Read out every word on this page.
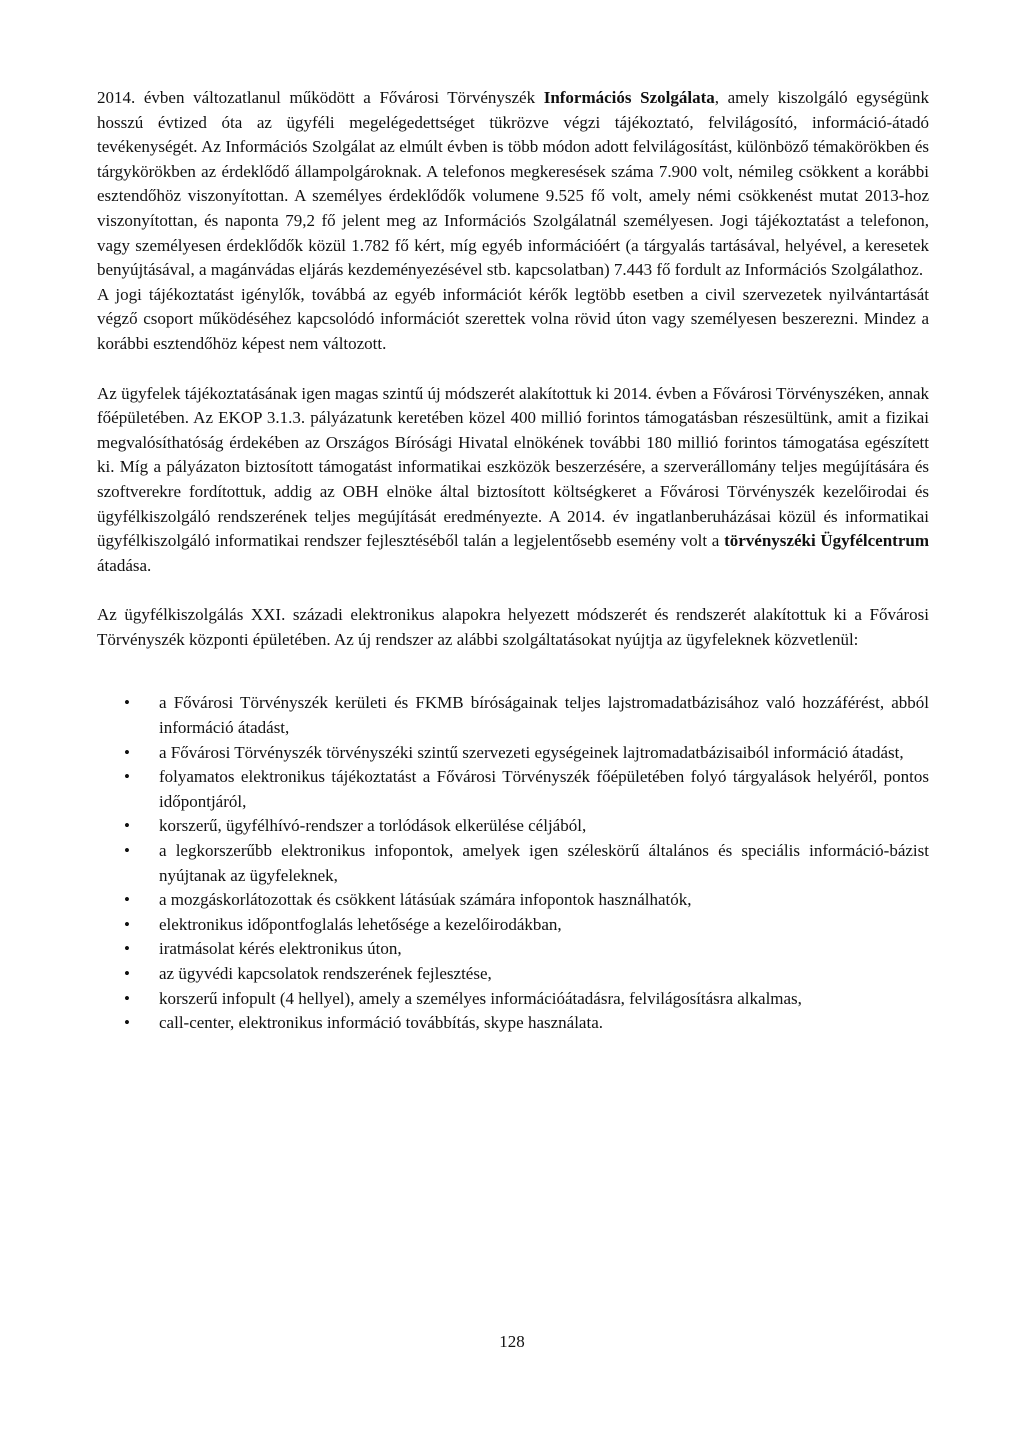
2014. évben változatlanul működött a Fővárosi Törvényszék Információs Szolgálata, amely kiszolgáló egységünk hosszú évtized óta az ügyféli megelégedettséget tükrözve végzi tájékoztató, felvilágosító, információ-átadó tevékenységét. Az Információs Szolgálat az elmúlt évben is több módon adott felvilágosítást, különböző témakörökben és tárgykörökben az érdeklődő állampolgároknak. A telefonos megkeresések száma 7.900 volt, némileg csökkent a korábbi esztendőhöz viszonyítottan. A személyes érdeklődők volumene 9.525 fő volt, amely némi csökkenést mutat 2013-hoz viszonyítottan, és naponta 79,2 fő jelent meg az Információs Szolgálatnál személyesen. Jogi tájékoztatást a telefonon, vagy személyesen érdeklődők közül 1.782 fő kért, míg egyéb információért (a tárgyalás tartásával, helyével, a keresetek benyújtásával, a magánvádas eljárás kezdeményezésével stb. kapcsolatban) 7.443 fő fordult az Információs Szolgálathoz.

A jogi tájékoztatást igénylők, továbbá az egyéb információt kérők legtöbb esetben a civil szervezetek nyilvántartását végző csoport működéséhez kapcsolódó információt szerettek volna rövid úton vagy személyesen beszerezni. Mindez a korábbi esztendőhöz képest nem változott.

Az ügyfelek tájékoztatásának igen magas szintű új módszerét alakítottuk ki 2014. évben a Fővárosi Törvényszéken, annak főépületében. Az EKOP 3.1.3. pályázatunk keretében közel 400 millió forintos támogatásban részesültünk, amit a fizikai megvalósíthatóság érdekében az Országos Bírósági Hivatal elnökének további 180 millió forintos támogatása egészített ki. Míg a pályázaton biztosított támogatást informatikai eszközök beszerzésére, a szerverállomány teljes megújítására és szoftverekre fordítottuk, addig az OBH elnöke által biztosított költségkeret a Fővárosi Törvényszék kezelőirodai és ügyfélkiszolgáló rendszerének teljes megújítását eredményezte. A 2014. év ingatlanberuházásai közül és informatikai ügyfélkiszolgáló informatikai rendszer fejlesztéséből talán a legjelentősebb esemény volt a törvényszéki Ügyfélcentrum átadása.

Az ügyfélkiszolgálás XXI. századi elektronikus alapokra helyezett módszerét és rendszerét alakítottuk ki a Fővárosi Törvényszék központi épületében. Az új rendszer az alábbi szolgáltatásokat nyújtja az ügyfeleknek közvetlenül:

• a Fővárosi Törvényszék kerületi és FKMB bíróságainak teljes lajstromadatbázisához való hozzáférést, abból információ átadást,
• a Fővárosi Törvényszék törvényszéki szintű szervezeti egységeinek lajtromadatbázisaiból információ átadást,
• folyamatos elektronikus tájékoztatást a Fővárosi Törvényszék főépületében folyó tárgyalások helyéről, pontos időpontjáról,
• korszerű, ügyfélhívó-rendszer a torlódások elkerülése céljából,
• a legkorszerűbb elektronikus infopontok, amelyek igen széleskörű általános és speciális információ-bázist nyújtanak az ügyfeleknek,
• a mozgáskorlátozottak és csökkent látásúak számára infopontok használhatók,
• elektronikus időpontfoglalás lehetősége a kezelőirodákban,
• iratmásolat kérés elektronikus úton,
• az ügyvédi kapcsolatok rendszerének fejlesztése,
• korszerű infopult (4 hellyel), amely a személyes információátadásra, felvilágosításra alkalmas,
• call-center, elektronikus információ továbbítás, skype használata.
128
